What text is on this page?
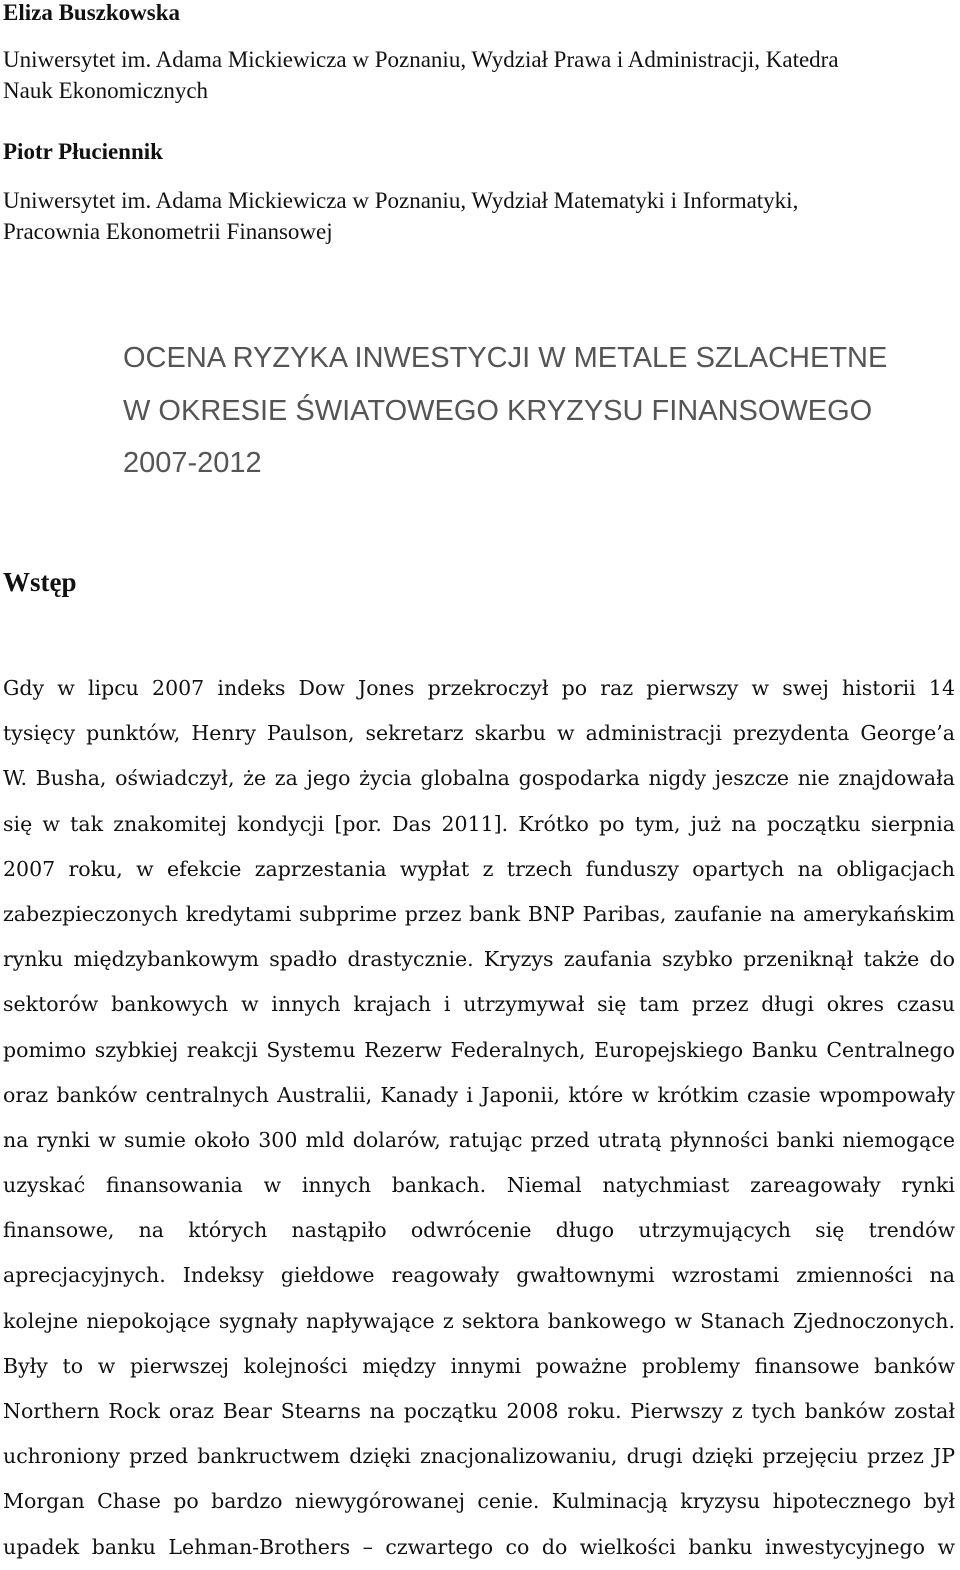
Eliza Buszkowska
Uniwersytet im. Adama Mickiewicza w Poznaniu, Wydział Prawa i Administracji, Katedra
Nauk Ekonomicznych
Piotr Płuciennik
Uniwersytet im. Adama Mickiewicza w Poznaniu, Wydział Matematyki i Informatyki,
Pracownia Ekonometrii Finansowej
OCENA RYZYKA INWESTYCJI W METALE SZLACHETNE
W OKRESIE ŚWIATOWEGO KRYZYSU FINANSOWEGO
2007-2012
Wstęp
Gdy w lipcu 2007 indeks Dow Jones przekroczył po raz pierwszy w swej historii 14
tysięcy punktów, Henry Paulson, sekretarz skarbu w administracji prezydenta George’a
W. Busha, oświadczył, że za jego życia globalna gospodarka nigdy jeszcze nie znajdowała
się w tak znakomitej kondycji [por. Das 2011]. Krótko po tym, już na początku sierpnia
2007 roku, w efekcie zaprzestania wypłat z trzech funduszy opartych na obligacjach
zabezpieczonych kredytami subprime przez bank BNP Paribas, zaufanie na amerykańskim
rynku międzybankowym spadło drastycznie. Kryzys zaufania szybko przeniknął także do
sektorów bankowych w innych krajach i utrzymywał się tam przez długi okres czasu
pomimo szybkiej reakcji Systemu Rezerw Federalnych, Europejskiego Banku Centralnego
oraz banków centralnych Australii, Kanady i Japonii, które w krótkim czasie wpompowały
na rynki w sumie około 300 mld dolarów, ratując przed utratą płynności banki niemogące
uzyskać finansowania w innych bankach. Niemal natychmiast zareagowały rynki
finansowe, na których nastąpiło odwrócenie długo utrzymujących się trendów
aprecjacyjnych. Indeksy giełdowe reagowały gwałtownymi wzrostami zmienności na
kolejne niepokojące sygnały napływające z sektora bankowego w Stanach Zjednoczonych.
Były to w pierwszej kolejności między innymi poważne problemy finansowe banków
Northern Rock oraz Bear Stearns na początku 2008 roku. Pierwszy z tych banków został
uchroniony przed bankructwem dzięki znacjonalizowaniu, drugi dzięki przejęciu przez JP
Morgan Chase po bardzo niewygórowanej cenie. Kulminacją kryzysu hipotecznego był
upadek banku Lehman-Brothers – czwartego co do wielkości banku inwestycyjnego w
